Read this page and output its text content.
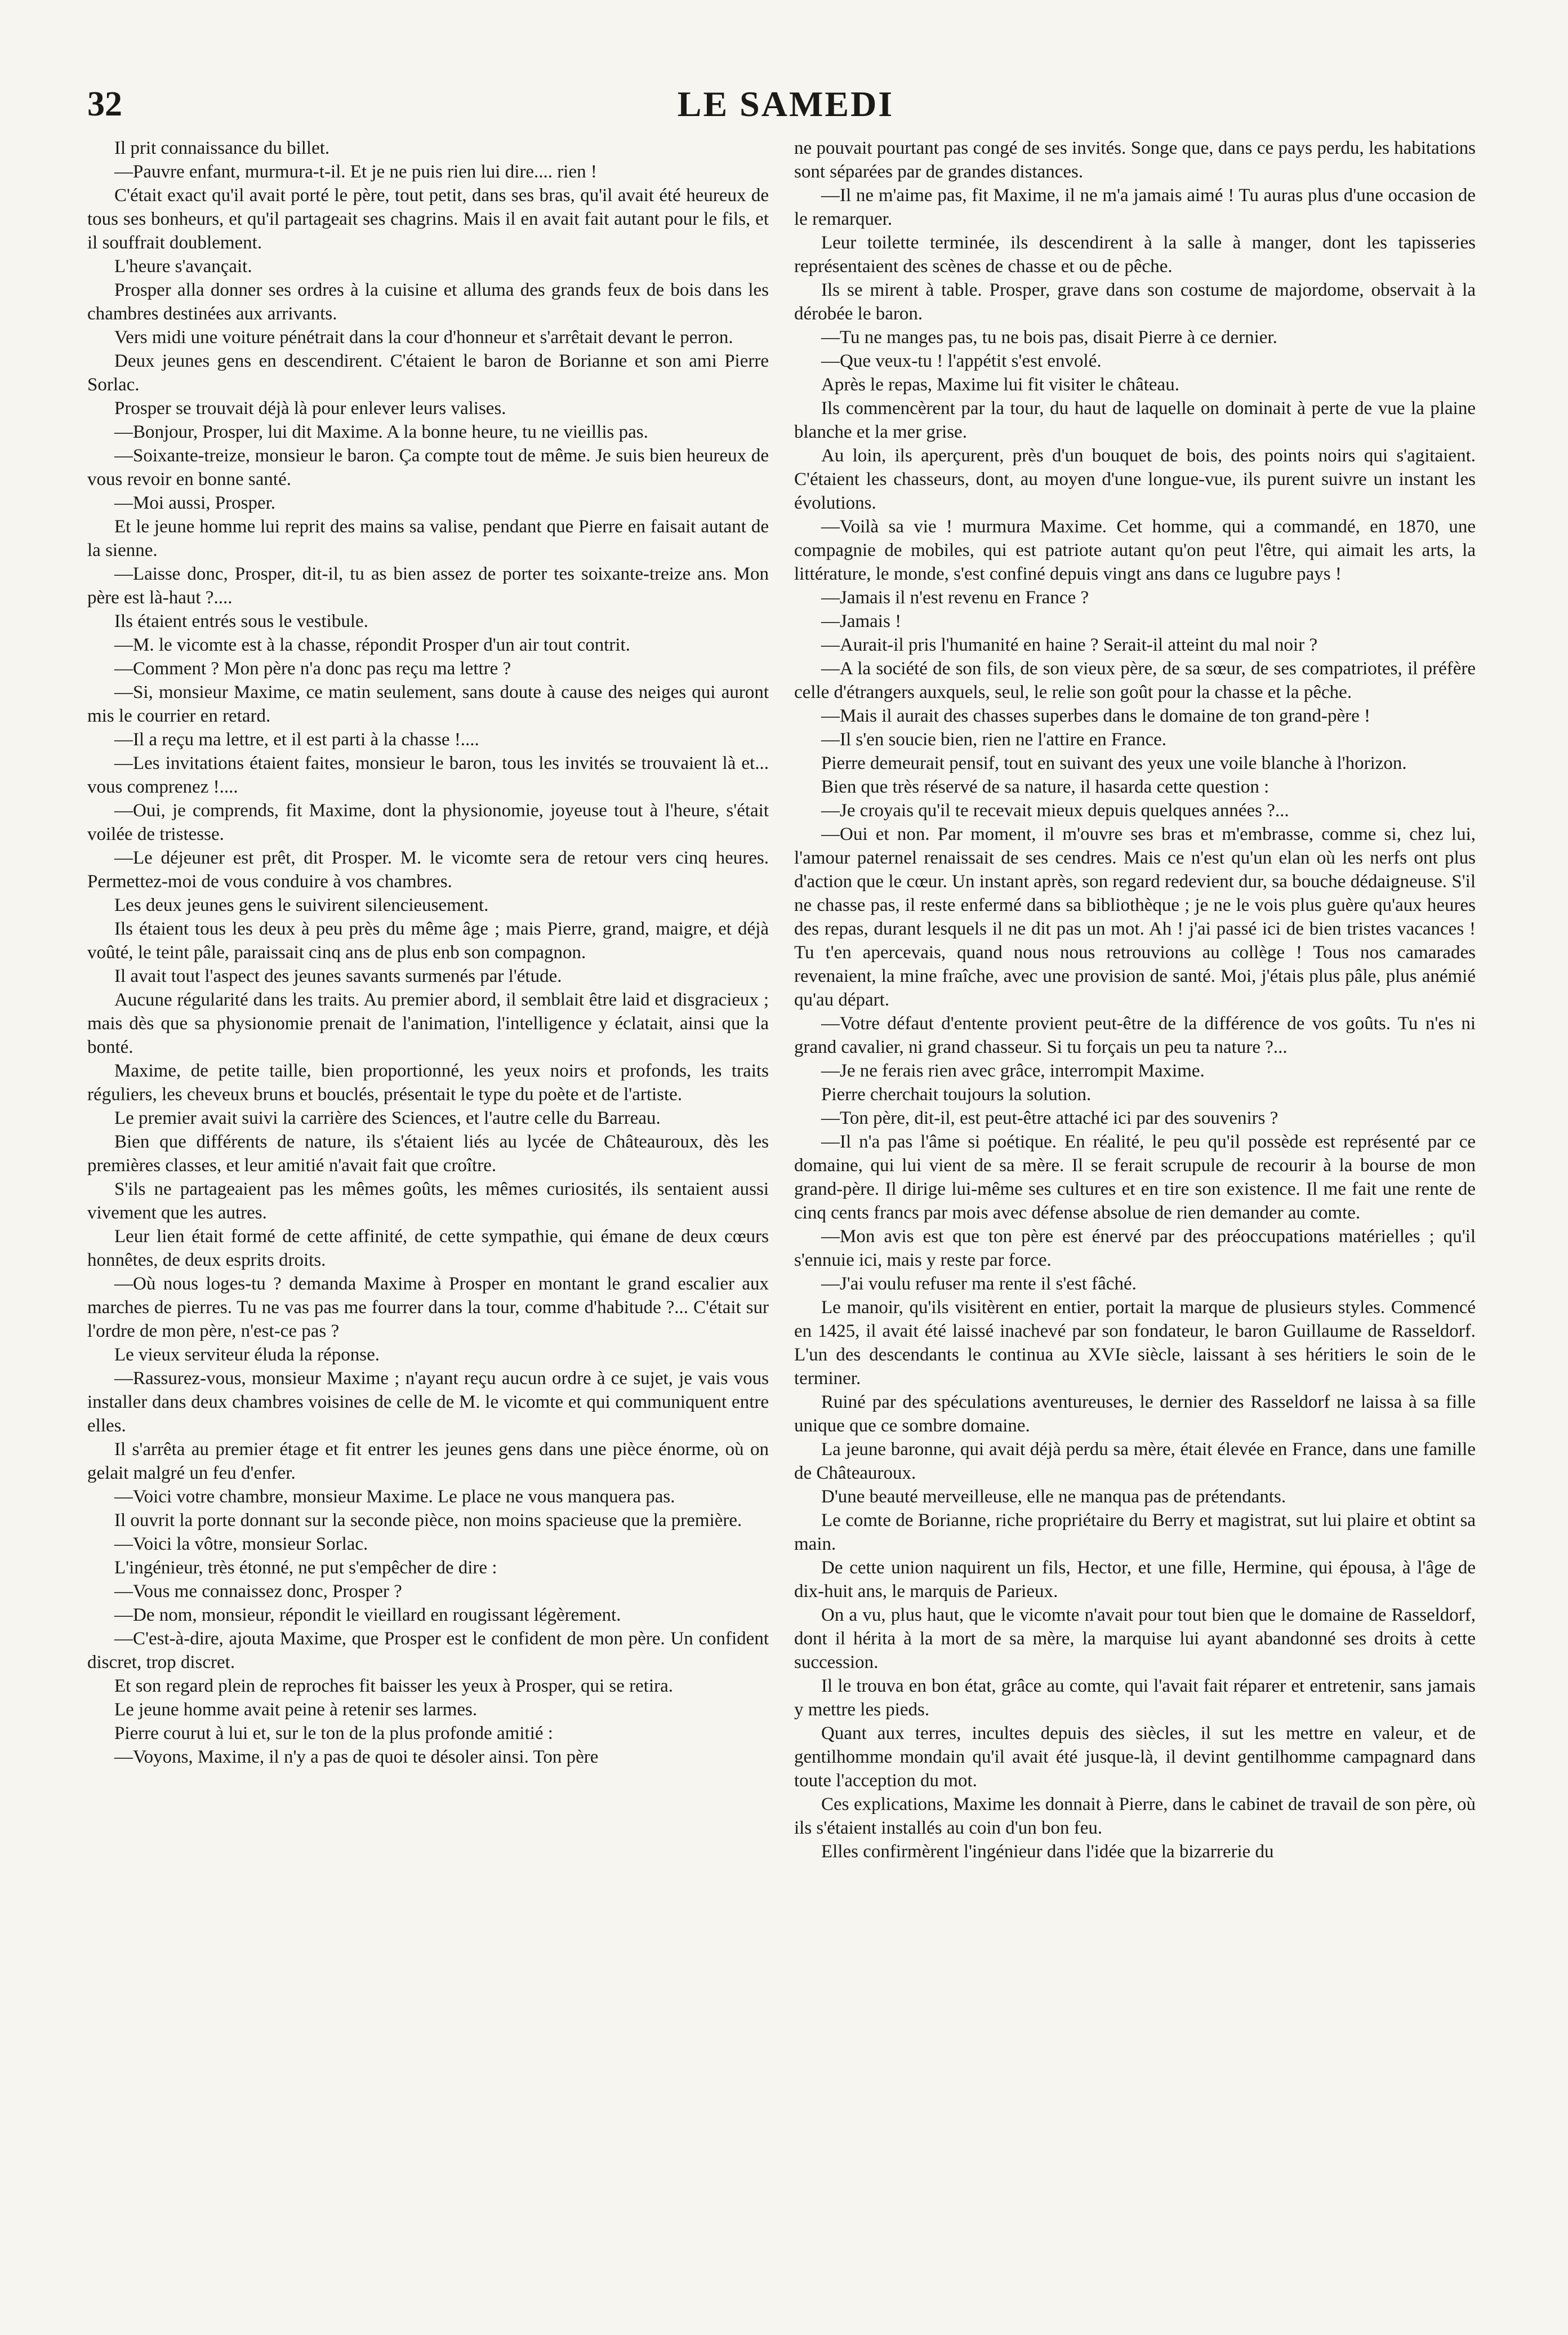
32	LE SAMEDI

Il prit connaissance du billet.

—Pauvre enfant, murmura-t-il. Et je ne puis rien lui dire.... rien !

C'était exact qu'il avait porté le père, tout petit, dans ses bras, qu'il avait été heureux de tous ses bonheurs, et qu'il partageait ses chagrins. Mais il en avait fait autant pour le fils, et il souffrait doublement.

L'heure s'avançait.

Prosper alla donner ses ordres à la cuisine et alluma des grands feux de bois dans les chambres destinées aux arrivants.

Vers midi une voiture pénétrait dans la cour d'honneur et s'arrêtait devant le perron.

Deux jeunes gens en descendirent. C'étaient le baron de Borianne et son ami Pierre Sorlac.

Prosper se trouvait déjà là pour enlever leurs valises.

—Bonjour, Prosper, lui dit Maxime. A la bonne heure, tu ne vieillis pas.

—Soixante-treize, monsieur le baron. Ça compte tout de même. Je suis bien heureux de vous revoir en bonne santé.

—Moi aussi, Prosper.

Et le jeune homme lui reprit des mains sa valise, pendant que Pierre en faisait autant de la sienne.

—Laisse donc, Prosper, dit-il, tu as bien assez de porter tes soixante-treize ans. Mon père est là-haut ?....

Ils étaient entrés sous le vestibule.

—M. le vicomte est à la chasse, répondit Prosper d'un air tout contrit.

—Comment ? Mon père n'a donc pas reçu ma lettre ?

—Si, monsieur Maxime, ce matin seulement, sans doute à cause des neiges qui auront mis le courrier en retard.

—Il a reçu ma lettre, et il est parti à la chasse !....

—Les invitations étaient faites, monsieur le baron, tous les invités se trouvaient là et... vous comprenez !....

—Oui, je comprends, fit Maxime, dont la physionomie, joyeuse tout à l'heure, s'était voilée de tristesse.

—Le déjeuner est prêt, dit Prosper. M. le vicomte sera de retour vers cinq heures. Permettez-moi de vous conduire à vos chambres.

Les deux jeunes gens le suivirent silencieusement.

Ils étaient tous les deux à peu près du même âge ; mais Pierre, grand, maigre, et déjà voûté, le teint pâle, paraissait cinq ans de plus enb son compagnon.

Il avait tout l'aspect des jeunes savants surmenés par l'étude.

Aucune régularité dans les traits. Au premier abord, il semblait être laid et disgracieux ; mais dès que sa physionomie prenait de l'animation, l'intelligence y éclatait, ainsi que la bonté.

Maxime, de petite taille, bien proportionné, les yeux noirs et profonds, les traits réguliers, les cheveux bruns et bouclés, présentait le type du poète et de l'artiste.

Le premier avait suivi la carrière des Sciences, et l'autre celle du Barreau.

Bien que différents de nature, ils s'étaient liés au lycée de Châteauroux, dès les premières classes, et leur amitié n'avait fait que croître.

S'ils ne partageaient pas les mêmes goûts, les mêmes curiosités, ils sentaient aussi vivement que les autres.

Leur lien était formé de cette affinité, de cette sympathie, qui émane de deux cœurs honnêtes, de deux esprits droits.

—Où nous loges-tu ? demanda Maxime à Prosper en montant le grand escalier aux marches de pierres. Tu ne vas pas me fourrer dans la tour, comme d'habitude ?... C'était sur l'ordre de mon père, n'est-ce pas ?

Le vieux serviteur éluda la réponse.

—Rassurez-vous, monsieur Maxime ; n'ayant reçu aucun ordre à ce sujet, je vais vous installer dans deux chambres voisines de celle de M. le vicomte et qui communiquent entre elles.

Il s'arrêta au premier étage et fit entrer les jeunes gens dans une pièce énorme, où on gelait malgré un feu d'enfer.

—Voici votre chambre, monsieur Maxime. Le place ne vous manquera pas.

Il ouvrit la porte donnant sur la seconde pièce, non moins spacieuse que la première.

—Voici la vôtre, monsieur Sorlac.

L'ingénieur, très étonné, ne put s'empêcher de dire :

—Vous me connaissez donc, Prosper ?

—De nom, monsieur, répondit le vieillard en rougissant légèrement.

—C'est-à-dire, ajouta Maxime, que Prosper est le confident de mon père. Un confident discret, trop discret.

Et son regard plein de reproches fit baisser les yeux à Prosper, qui se retira.

Le jeune homme avait peine à retenir ses larmes.

Pierre courut à lui et, sur le ton de la plus profonde amitié :

—Voyons, Maxime, il n'y a pas de quoi te désoler ainsi. Ton père

ne pouvait pourtant pas congé de ses invités. Songe que, dans ce pays perdu, les habitations sont séparées par de grandes distances.

—Il ne m'aime pas, fit Maxime, il ne m'a jamais aimé ! Tu auras plus d'une occasion de le remarquer.

Leur toilette terminée, ils descendirent à la salle à manger, dont les tapisseries représentaient des scènes de chasse et ou de pêche.

Ils se mirent à table. Prosper, grave dans son costume de majordome, observait à la dérobée le baron.

—Tu ne manges pas, tu ne bois pas, disait Pierre à ce dernier.

—Que veux-tu ! l'appétit s'est envolé.

Après le repas, Maxime lui fit visiter le château.

Ils commencèrent par la tour, du haut de laquelle on dominait à perte de vue la plaine blanche et la mer grise.

Au loin, ils aperçurent, près d'un bouquet de bois, des points noirs qui s'agitaient. C'étaient les chasseurs, dont, au moyen d'une longue-vue, ils purent suivre un instant les évolutions.

—Voilà sa vie ! murmura Maxime. Cet homme, qui a commandé, en 1870, une compagnie de mobiles, qui est patriote autant qu'on peut l'être, qui aimait les arts, la littérature, le monde, s'est confiné depuis vingt ans dans ce lugubre pays !

—Jamais il n'est revenu en France ?

—Jamais !

—Aurait-il pris l'humanité en haine ? Serait-il atteint du mal noir ?

—A la société de son fils, de son vieux père, de sa sœur, de ses compatriotes, il préfère celle d'étrangers auxquels, seul, le relie son goût pour la chasse et la pêche.

—Mais il aurait des chasses superbes dans le domaine de ton grand-père !

—Il s'en soucie bien, rien ne l'attire en France.

Pierre demeurait pensif, tout en suivant des yeux une voile blanche à l'horizon.

Bien que très réservé de sa nature, il hasarda cette question :

—Je croyais qu'il te recevait mieux depuis quelques années ?...

—Oui et non. Par moment, il m'ouvre ses bras et m'embrasse, comme si, chez lui, l'amour paternel renaissait de ses cendres. Mais ce n'est qu'un elan où les nerfs ont plus d'action que le cœur. Un instant après, son regard redevient dur, sa bouche dédaigneuse. S'il ne chasse pas, il reste enfermé dans sa bibliothèque ; je ne le vois plus guère qu'aux heures des repas, durant lesquels il ne dit pas un mot. Ah ! j'ai passé ici de bien tristes vacances ! Tu t'en apercevais, quand nous nous retrouvions au collège ! Tous nos camarades revenaient, la mine fraîche, avec une provision de santé. Moi, j'étais plus pâle, plus anémié qu'au départ.

—Votre défaut d'entente provient peut-être de la différence de vos goûts. Tu n'es ni grand cavalier, ni grand chasseur. Si tu forçais un peu ta nature ?...

—Je ne ferais rien avec grâce, interrompit Maxime.

Pierre cherchait toujours la solution.

—Ton père, dit-il, est peut-être attaché ici par des souvenirs ?

—Il n'a pas l'âme si poétique. En réalité, le peu qu'il possède est représenté par ce domaine, qui lui vient de sa mère. Il se ferait scrupule de recourir à la bourse de mon grand-père. Il dirige lui-même ses cultures et en tire son existence. Il me fait une rente de cinq cents francs par mois avec défense absolue de rien demander au comte.

—Mon avis est que ton père est énervé par des préoccupations matérielles ; qu'il s'ennuie ici, mais y reste par force.

—J'ai voulu refuser ma rente il s'est fâché.

Le manoir, qu'ils visitèrent en entier, portait la marque de plusieurs styles. Commencé en 1425, il avait été laissé inachevé par son fondateur, le baron Guillaume de Rasseldorf. L'un des descendants le continua au XVIe siècle, laissant à ses héritiers le soin de le terminer.

Ruiné par des spéculations aventureuses, le dernier des Rasseldorf ne laissa à sa fille unique que ce sombre domaine.

La jeune baronne, qui avait déjà perdu sa mère, était élevée en France, dans une famille de Châteauroux.

D'une beauté merveilleuse, elle ne manqua pas de prétendants.

Le comte de Borianne, riche propriétaire du Berry et magistrat, sut lui plaire et obtint sa main.

De cette union naquirent un fils, Hector, et une fille, Hermine, qui épousa, à l'âge de dix-huit ans, le marquis de Parieux.

On a vu, plus haut, que le vicomte n'avait pour tout bien que le domaine de Rasseldorf, dont il hérita à la mort de sa mère, la marquise lui ayant abandonné ses droits à cette succession.

Il le trouva en bon état, grâce au comte, qui l'avait fait réparer et entretenir, sans jamais y mettre les pieds.

Quant aux terres, incultes depuis des siècles, il sut les mettre en valeur, et de gentilhomme mondain qu'il avait été jusque-là, il devint gentilhomme campagnard dans toute l'acception du mot.

Ces explications, Maxime les donnait à Pierre, dans le cabinet de travail de son père, où ils s'étaient installés au coin d'un bon feu.

Elles confirmèrent l'ingénieur dans l'idée que la bizarrerie du
